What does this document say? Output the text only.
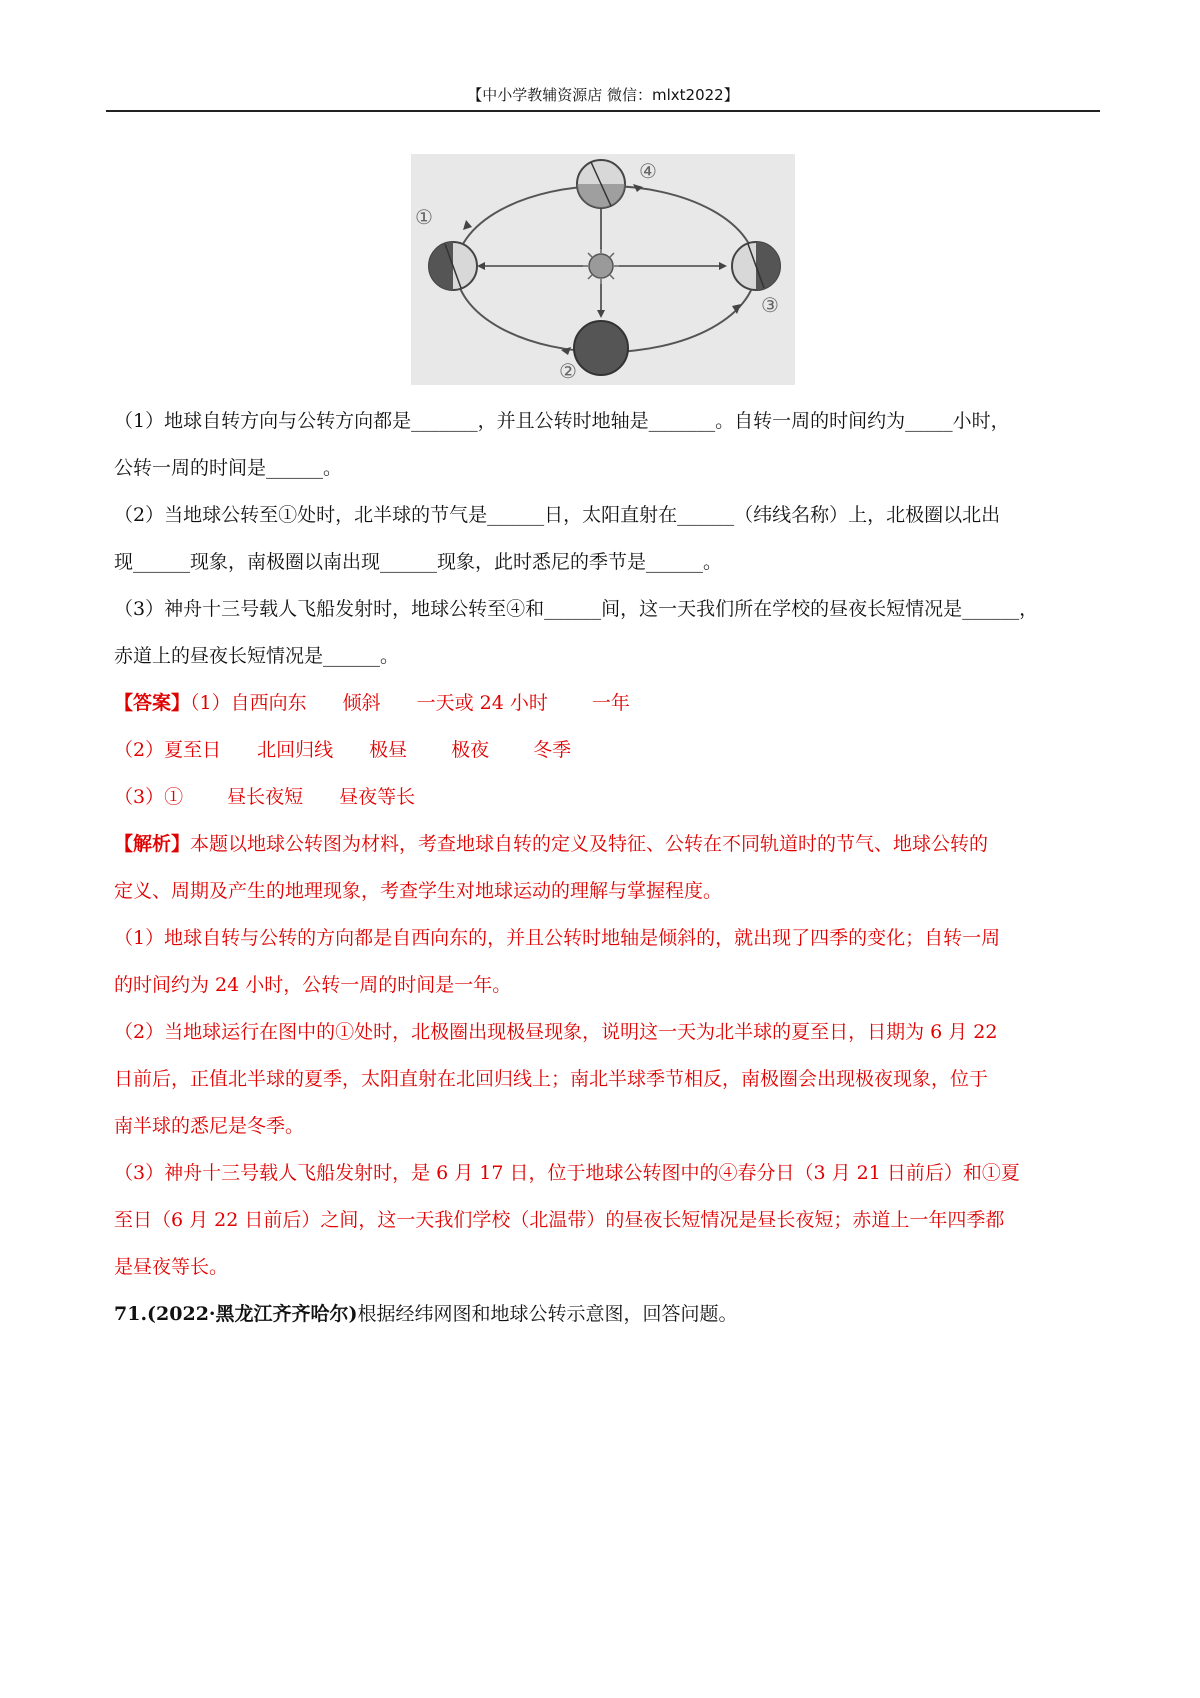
【中小学教辅资源店 微信：mlxt2022】
④
①
③
②

（1）地球自转方向与公转方向都是_______，并且公转时地轴是_______。自转一周的时间约为_____小时，

公转一周的时间是______。

（2）当地球公转至①处时，北半球的节气是______日，太阳直射在______（纬线名称）上，北极圈以北出

现______现象，南极圈以南出现______现象，此时悉尼的季节是______。

（3）神舟十三号载人飞船发射时，地球公转至④和______间，这一天我们所在学校的昼夜长短情况是______，

赤道上的昼夜长短情况是______。

【答案】（1）自西向东 倾斜 一天或 24 小时 一年

（2）夏至日 北回归线 极昼 极夜 冬季

（3）① 昼长夜短 昼夜等长

【解析】本题以地球公转图为材料，考查地球自转的定义及特征、公转在不同轨道时的节气、地球公转的

定义、周期及产生的地理现象，考查学生对地球运动的理解与掌握程度。

（1）地球自转与公转的方向都是自西向东的，并且公转时地轴是倾斜的，就出现了四季的变化；自转一周

的时间约为 24 小时，公转一周的时间是一年。

（2）当地球运行在图中的①处时，北极圈出现极昼现象，说明这一天为北半球的夏至日，日期为 6 月 22

日前后，正值北半球的夏季，太阳直射在北回归线上；南北半球季节相反，南极圈会出现极夜现象，位于

南半球的悉尼是冬季。

（3）神舟十三号载人飞船发射时，是 6 月 17 日，位于地球公转图中的④春分日（3 月 21 日前后）和①夏

至日（6 月 22 日前后）之间，这一天我们学校（北温带）的昼夜长短情况是昼长夜短；赤道上一年四季都

是昼夜等长。

71.(2022·黑龙江齐齐哈尔)根据经纬网图和地球公转示意图，回答问题。
